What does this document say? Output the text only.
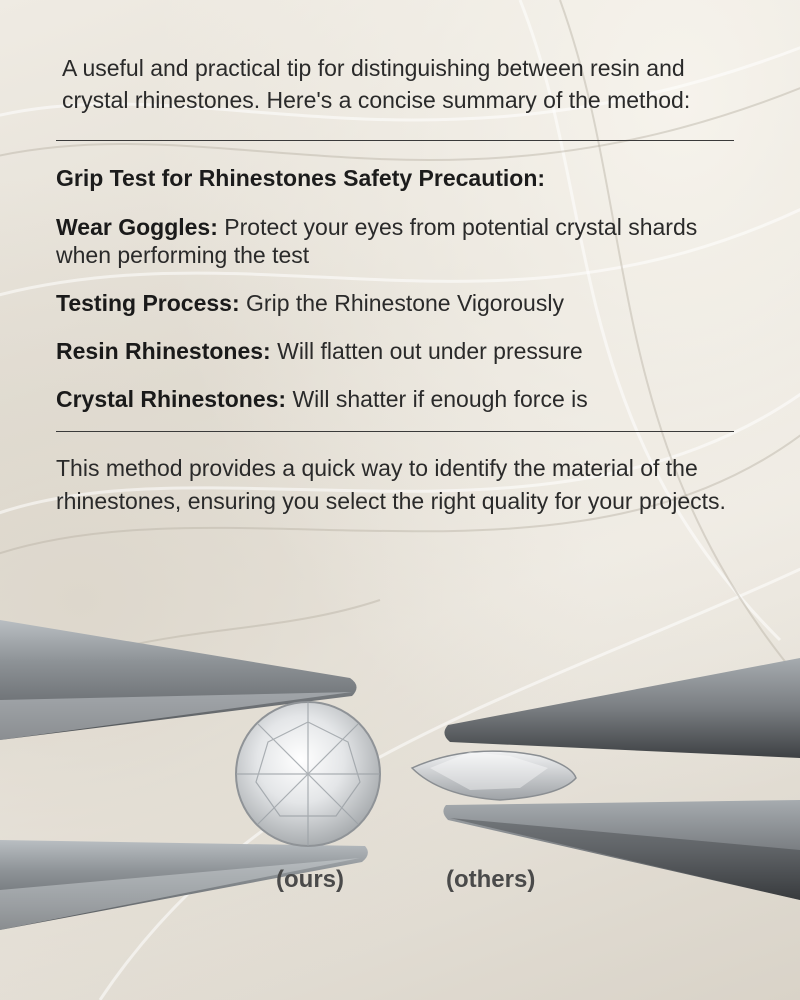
A useful and practical tip for distinguishing between resin and crystal rhinestones. Here's a concise summary of the method:

Grip Test for Rhinestones Safety Precaution:

Wear Goggles: Protect your eyes from potential crystal shards when performing the test

Testing Process: Grip the Rhinestone Vigorously

Resin Rhinestones: Will flatten out under pressure

Crystal Rhinestones: Will shatter if enough force is

This method provides a quick way to identify the material of the rhinestones, ensuring you select the right quality for your projects.

(ours)	(others)
